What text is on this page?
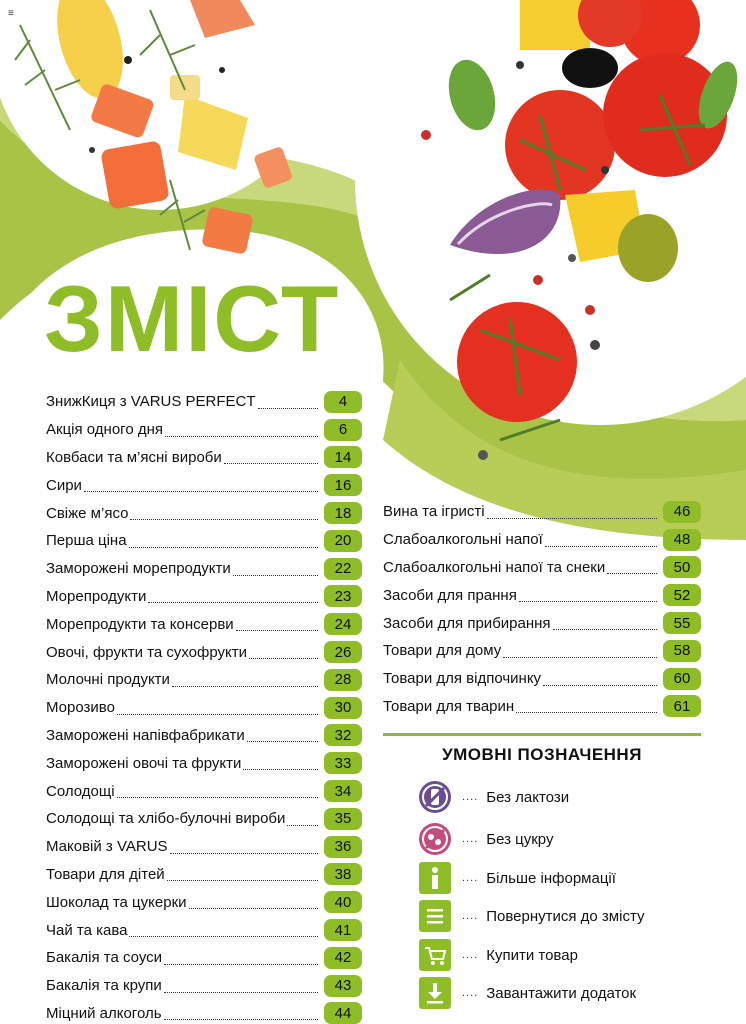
≡
ЗМІСТ
ЗнижКиця з VARUS PERFECT	4
Акція одного дня	6
Ковбаси та м’ясні вироби	14
Сири	16
Свіже м’ясо	18
Перша ціна	20
Заморожені морепродукти	22
Морепродукти	23
Морепродукти та консерви	24
Овочі, фрукти та сухофрукти	26
Молочні продукти	28
Морозиво	30
Заморожені напівфабрикати	32
Заморожені овочі та фрукти	33
Солодощі	34
Солодощі та хлібо-булочні вироби	35
Маковій з VARUS	36
Товари для дітей	38
Шоколад та цукерки	40
Чай та кава	41
Бакалія та соуси	42
Бакалія та крупи	43
Міцний алкоголь	44
Вина та ігристі	46
Слабоалкогольні напої	48
Слабоалкогольні напої та снеки	50
Засоби для прання	52
Засоби для прибирання	55
Товари для дому	58
Товари для відпочинку	60
Товари для тварин	61
УМОВНІ ПОЗНАЧЕННЯ
.... Без лактози
.... Без цукру
.... Більше інформації
.... Повернутися до змісту
.... Купити товар
.... Завантажити додаток
